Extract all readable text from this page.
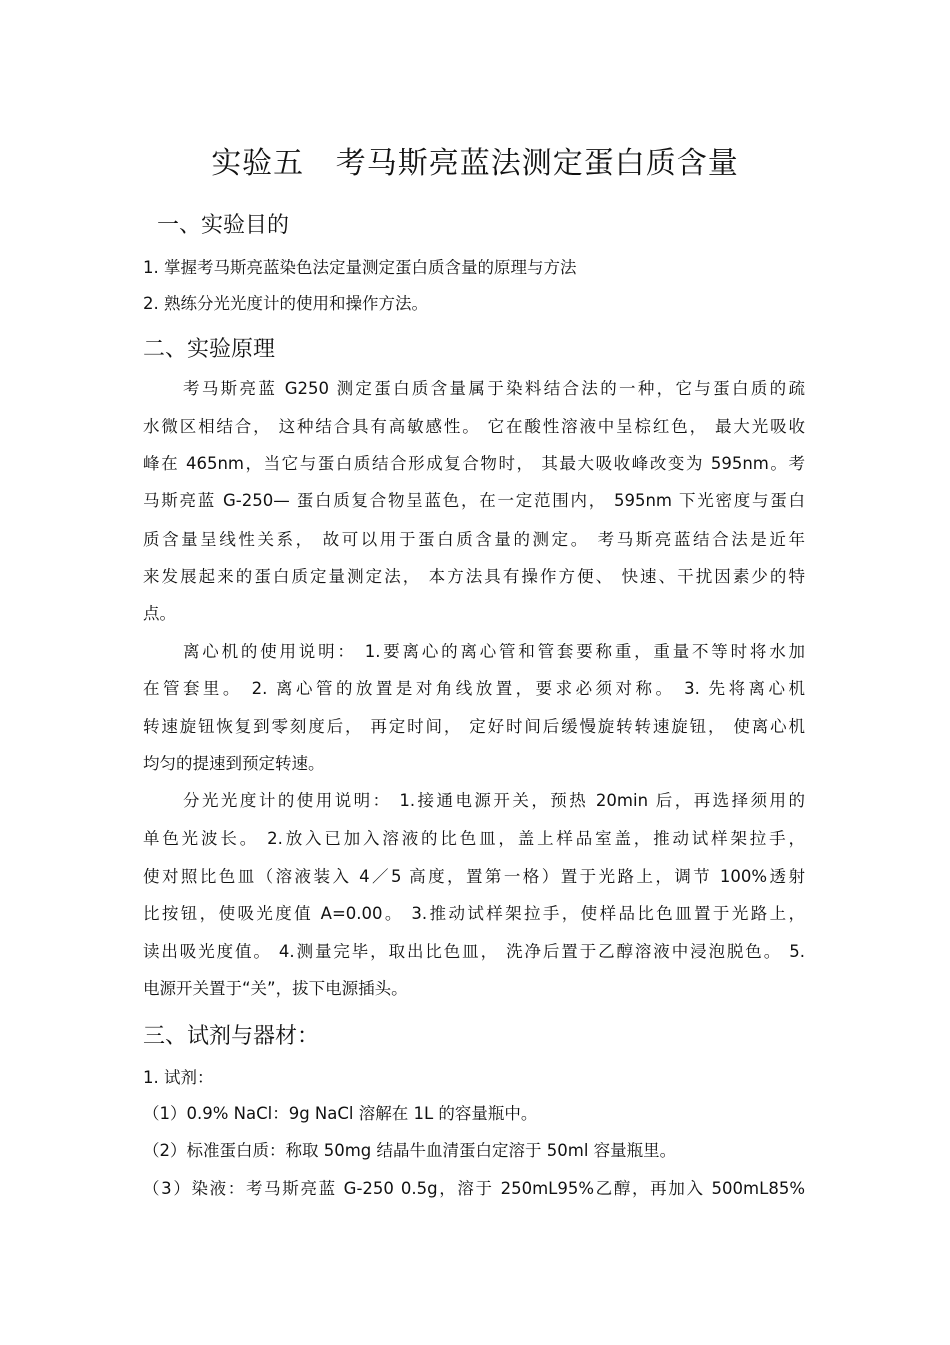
实验五   考马斯亮蓝法测定蛋白质含量
一、实验目的
1. 掌握考马斯亮蓝染色法定量测定蛋白质含量的原理与方法
2. 熟练分光光度计的使用和操作方法。
二、实验原理
考马斯亮蓝 G250 测定蛋白质含量属于染料结合法的一种，它与蛋白质的疏
水微区相结合， 这种结合具有高敏感性。 它在酸性溶液中呈棕红色， 最大光吸收
峰在 465nm，当它与蛋白质结合形成复合物时， 其最大吸收峰改变为 595nm。考
马斯亮蓝 G-250— 蛋白质复合物呈蓝色，在一定范围内， 595nm 下光密度与蛋白
质含量呈线性关系， 故可以用于蛋白质含量的测定。 考马斯亮蓝结合法是近年
来发展起来的蛋白质定量测定法， 本方法具有操作方便、 快速、干扰因素少的特
点。
离心机的使用说明： 1.要离心的离心管和管套要称重，重量不等时将水加
在管套里。 2. 离心管的放置是对角线放置，要求必须对称。 3. 先将离心机
转速旋钮恢复到零刻度后， 再定时间， 定好时间后缓慢旋转转速旋钮， 使离心机
均匀的提速到预定转速。
分光光度计的使用说明： 1.接通电源开关，预热 20min 后，再选择须用的
单色光波长。 2.放入已加入溶液的比色皿，盖上样品室盖，推动试样架拉手，
使对照比色皿（溶液装入 4／5 高度，置第一格）置于光路上，调节 100%透射
比按钮，使吸光度值 A=0.00。 3.推动试样架拉手，使样品比色皿置于光路上，
读出吸光度值。 4.测量完毕，取出比色皿， 洗净后置于乙醇溶液中浸泡脱色。 5.
电源开关置于“关”，拔下电源插头。
三、试剂与器材：
1. 试剂：
（1）0.9% NaCl：9g NaCl 溶解在 1L 的容量瓶中。
（2）标准蛋白质：称取 50mg 结晶牛血清蛋白定溶于 50ml 容量瓶里。
（3）染液：考马斯亮蓝 G-250 0.5g，溶于 250mL95%乙醇，再加入 500mL85%
